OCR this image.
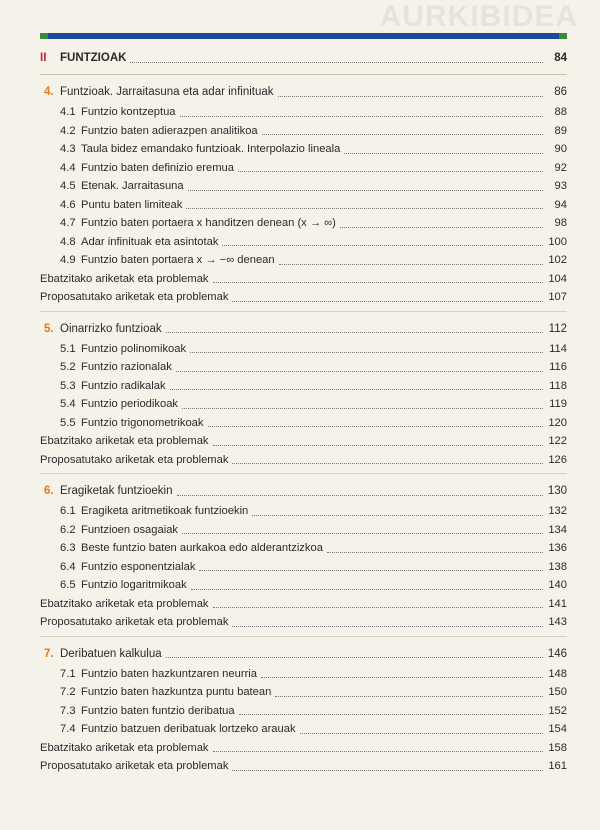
AURKIBIDEA
II	FUNTZIOAK	84
4. Funtzioak. Jarraitasuna eta adar infinituak	86
4.1 Funtzio kontzeptua	88
4.2 Funtzio baten adierazpen analitikoa	89
4.3 Taula bidez emandako funtzioak. Interpolazio lineala	90
4.4 Funtzio baten definizio eremua	92
4.5 Etenak. Jarraitasuna	93
4.6 Puntu baten limiteak	94
4.7 Funtzio baten portaera x handitzen denean (x → ∞)	98
4.8 Adar infinituak eta asintotak	100
4.9 Funtzio baten portaera x → −∞ denean	102
Ebatzitako ariketak eta problemak	104
Proposatutako ariketak eta problemak	107
5. Oinarrizko funtzioak	112
5.1 Funtzio polinomikoak	114
5.2 Funtzio razionalak	116
5.3 Funtzio radikalak	118
5.4 Funtzio periodikoak	119
5.5 Funtzio trigonometrikoak	120
Ebatzitako ariketak eta problemak	122
Proposatutako ariketak eta problemak	126
6. Eragiketak funtzioekin	130
6.1 Eragiketa aritmetikoak funtzioekin	132
6.2 Funtzioen osagaiak	134
6.3 Beste funtzio baten aurkakoa edo alderantzizkoa	136
6.4 Funtzio esponentzialak	138
6.5 Funtzio logaritmikoak	140
Ebatzitako ariketak eta problemak	141
Proposatutako ariketak eta problemak	143
7. Deribatuen kalkulua	146
7.1 Funtzio baten hazkuntzaren neurria	148
7.2 Funtzio baten hazkuntza puntu batean	150
7.3 Funtzio baten funtzio deribatua	152
7.4 Funtzio batzuen deribatuak lortzeko arauak	154
Ebatzitako ariketak eta problemak	158
Proposatutako ariketak eta problemak	161
